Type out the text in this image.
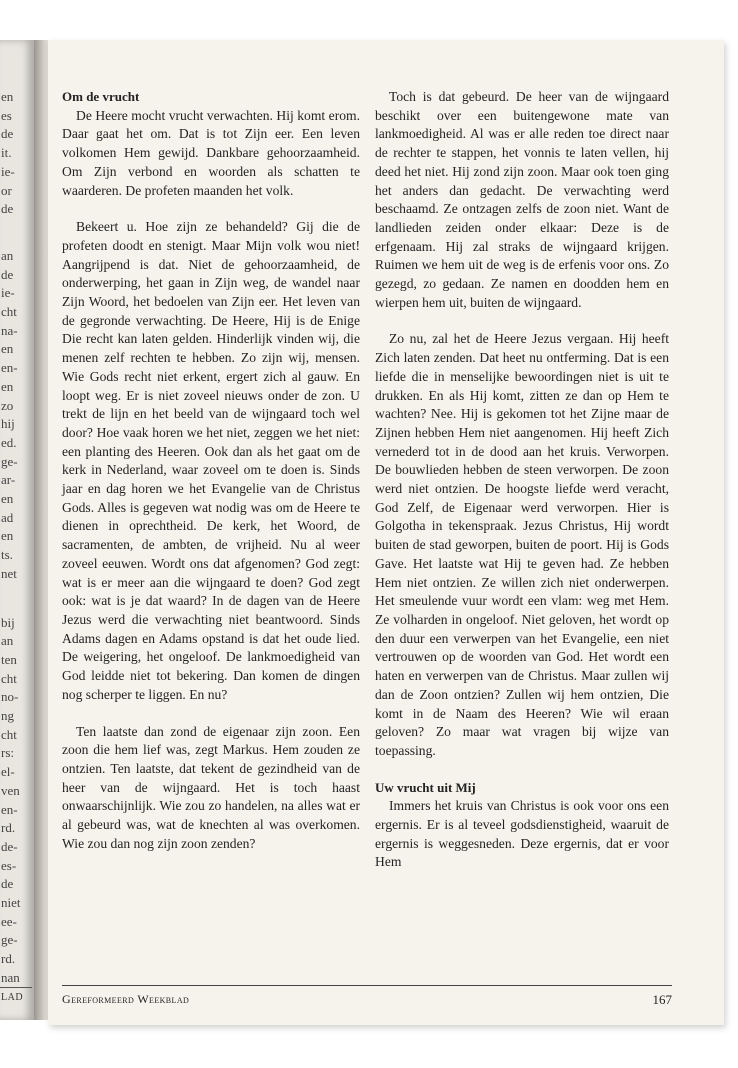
en
es
de
it.
ie-
or
de
an
de
ie-
cht
na-
en
en-
en
zo
hij
ed.
ge-
ar-
en
ad
en
ts.
net
bij
an
ten
cht
no-
ng
cht
rs:
el-
ven
en-
rd.
de-
es-
de
niet
ee-
ge-
rd.
nan
LAD

Om de vrucht

De Heere mocht vrucht verwachten. Hij komt erom. Daar gaat het om. Dat is tot Zijn eer. Een leven volkomen Hem gewijd. Dankbare gehoorzaamheid. Om Zijn verbond en woorden als schatten te waarderen. De profeten maanden het volk.

Bekeert u. Hoe zijn ze behandeld? Gij die de profeten doodt en stenigt. Maar Mijn volk wou niet! Aangrijpend is dat. Niet de gehoorzaamheid, de onderwerping, het gaan in Zijn weg, de wandel naar Zijn Woord, het bedoelen van Zijn eer. Het leven van de gegronde verwachting. De Heere, Hij is de Enige Die recht kan laten gelden. Hinderlijk vinden wij, die menen zelf rechten te hebben. Zo zijn wij, mensen. Wie Gods recht niet erkent, ergert zich al gauw. En loopt weg. Er is niet zoveel nieuws onder de zon. U trekt de lijn en het beeld van de wijngaard toch wel door? Hoe vaak horen we het niet, zeggen we het niet: een planting des Heeren. Ook dan als het gaat om de kerk in Nederland, waar zoveel om te doen is. Sinds jaar en dag horen we het Evangelie van de Christus Gods. Alles is gegeven wat nodig was om de Heere te dienen in oprechtheid. De kerk, het Woord, de sacramenten, de ambten, de vrijheid. Nu al weer zoveel eeuwen. Wordt ons dat afgenomen? God zegt: wat is er meer aan die wijngaard te doen? God zegt ook: wat is je dat waard? In de dagen van de Heere Jezus werd die verwachting niet beantwoord. Sinds Adams dagen en Adams opstand is dat het oude lied. De weigering, het ongeloof. De lankmoedigheid van God leidde niet tot bekering. Dan komen de dingen nog scherper te liggen. En nu?

Ten laatste dan zond de eigenaar zijn zoon. Een zoon die hem lief was, zegt Markus. Hem zouden ze ontzien. Ten laatste, dat tekent de gezindheid van de heer van de wijngaard. Het is toch haast onwaarschijnlijk. Wie zou zo handelen, na alles wat er al gebeurd was, wat de knechten al was overkomen. Wie zou dan nog zijn zoon zenden?

Toch is dat gebeurd. De heer van de wijngaard beschikt over een buitengewone mate van lankmoedigheid. Al was er alle reden toe direct naar de rechter te stappen, het vonnis te laten vellen, hij deed het niet. Hij zond zijn zoon. Maar ook toen ging het anders dan gedacht. De verwachting werd beschaamd. Ze ontzagen zelfs de zoon niet. Want de landlieden zeiden onder elkaar: Deze is de erfgenaam. Hij zal straks de wijngaard krijgen. Ruimen we hem uit de weg is de erfenis voor ons. Zo gezegd, zo gedaan. Ze namen en doodden hem en wierpen hem uit, buiten de wijngaard.

Zo nu, zal het de Heere Jezus vergaan. Hij heeft Zich laten zenden. Dat heet nu ontferming. Dat is een liefde die in menselijke bewoordingen niet is uit te drukken. En als Hij komt, zitten ze dan op Hem te wachten? Nee. Hij is gekomen tot het Zijne maar de Zijnen hebben Hem niet aangenomen. Hij heeft Zich vernederd tot in de dood aan het kruis. Verworpen. De bouwlieden hebben de steen verworpen. De zoon werd niet ontzien. De hoogste liefde werd veracht, God Zelf, de Eigenaar werd verworpen. Hier is Golgotha in tekenspraak. Jezus Christus, Hij wordt buiten de stad geworpen, buiten de poort. Hij is Gods Gave. Het laatste wat Hij te geven had. Ze hebben Hem niet ontzien. Ze willen zich niet onderwerpen. Het smeulende vuur wordt een vlam: weg met Hem. Ze volharden in ongeloof. Niet geloven, het wordt op den duur een verwerpen van het Evangelie, een niet vertrouwen op de woorden van God. Het wordt een haten en verwerpen van de Christus. Maar zullen wij dan de Zoon ontzien? Zullen wij hem ontzien, Die komt in de Naam des Heeren? Wie wil eraan geloven? Zo maar wat vragen bij wijze van toepassing.

Uw vrucht uit Mij

Immers het kruis van Christus is ook voor ons een ergernis. Er is al teveel godsdienstigheid, waaruit de ergernis is weggesneden. Deze ergernis, dat er voor Hem

Gereformeerd Weekblad	167
